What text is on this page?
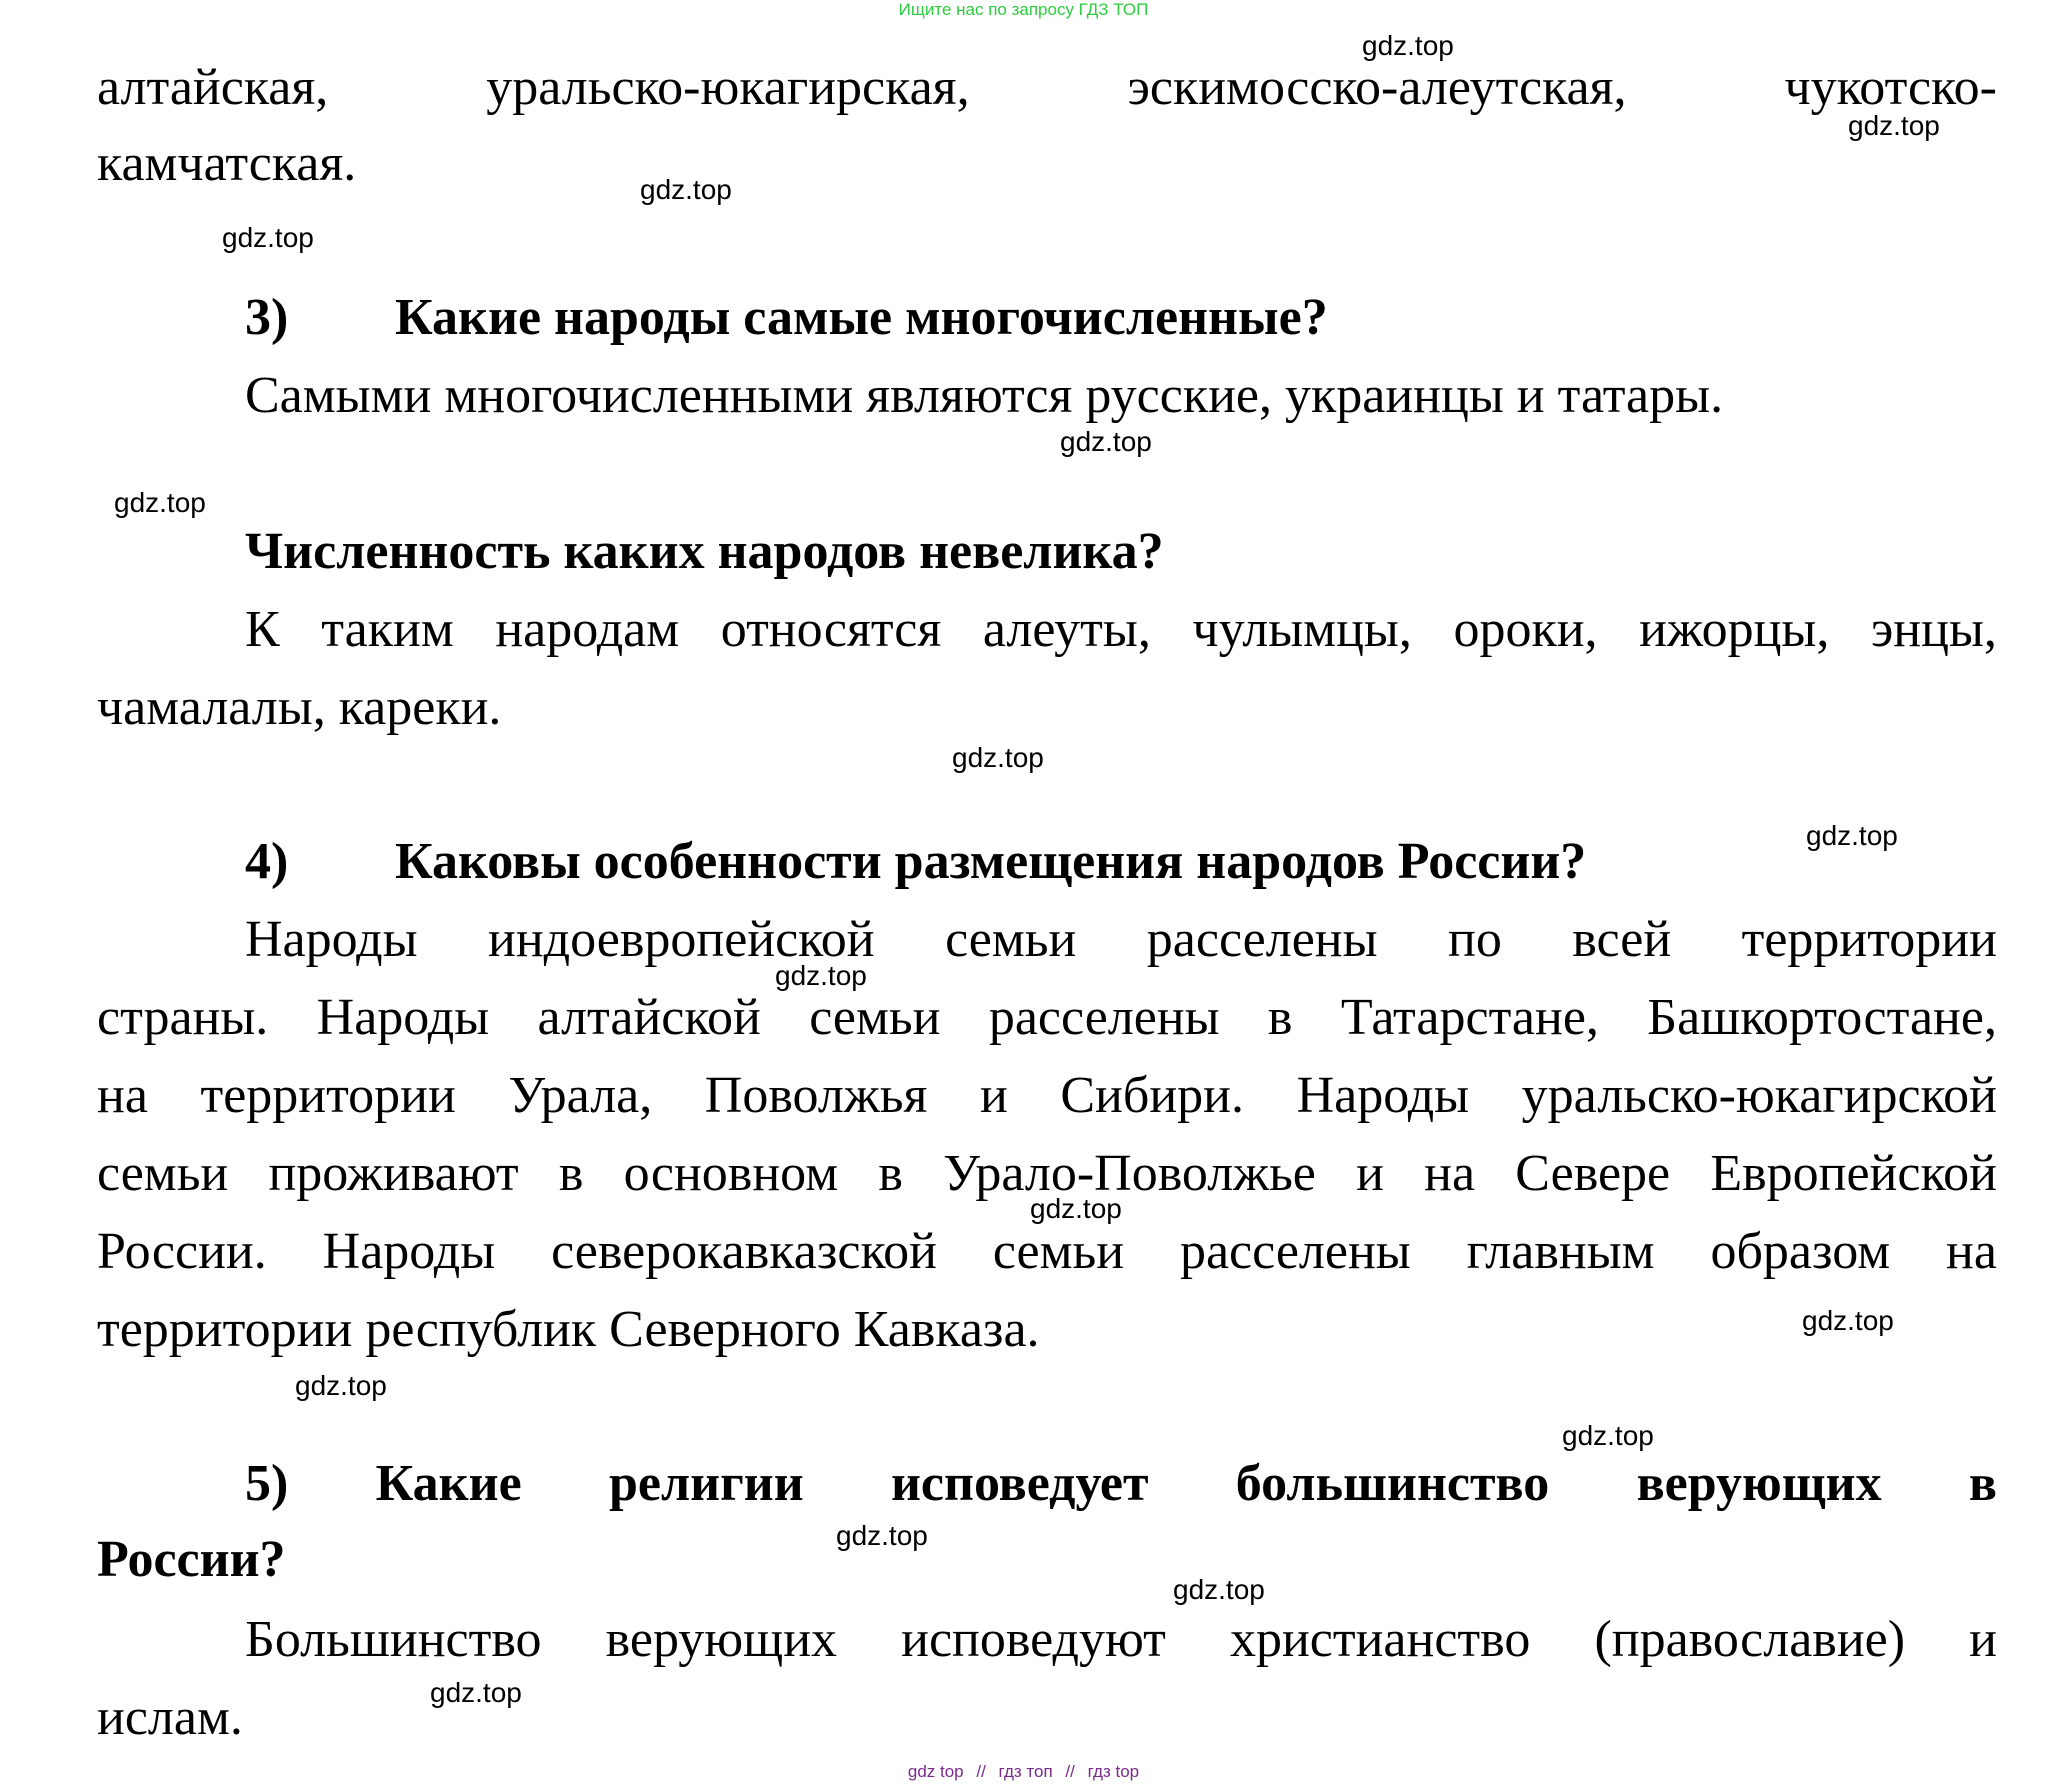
Ищите нас по запросу ГДЗ ТОП
gdz.top
gdz.top
gdz.top
gdz.top
gdz.top
gdz.top
gdz.top
gdz.top
gdz.top
gdz.top
gdz.top
gdz.top
gdz.top
gdz.top
gdz.top
gdz.top
алтайская,	уральско-юкагирская,	эскимосско-алеутская,	чукотско-
камчатская.
3) Какие народы самые многочисленные?
Самыми многочисленными являются русские, украинцы и татары.
Численность каких народов невелика?
К таким народам относятся алеуты, чулымцы, ороки, ижорцы, энцы,
чамалалы, кареки.
4) Каковы особенности размещения народов России?
Народы индоевропейской семьи расселены по всей территории
страны. Народы алтайской семьи расселены в Татарстане, Башкортостане,
на территории Урала, Поволжья и Сибири. Народы уральско-юкагирской
семьи проживают в основном в Урало-Поволжье и на Севере Европейской
России. Народы северокавказской семьи расселены главным образом на
территории республик Северного Кавказа.
5) Какие религии исповедует большинство верующих в
России?
Большинство верующих исповедуют христианство (православие) и
ислам.
gdz top // гдз топ // гдз top
